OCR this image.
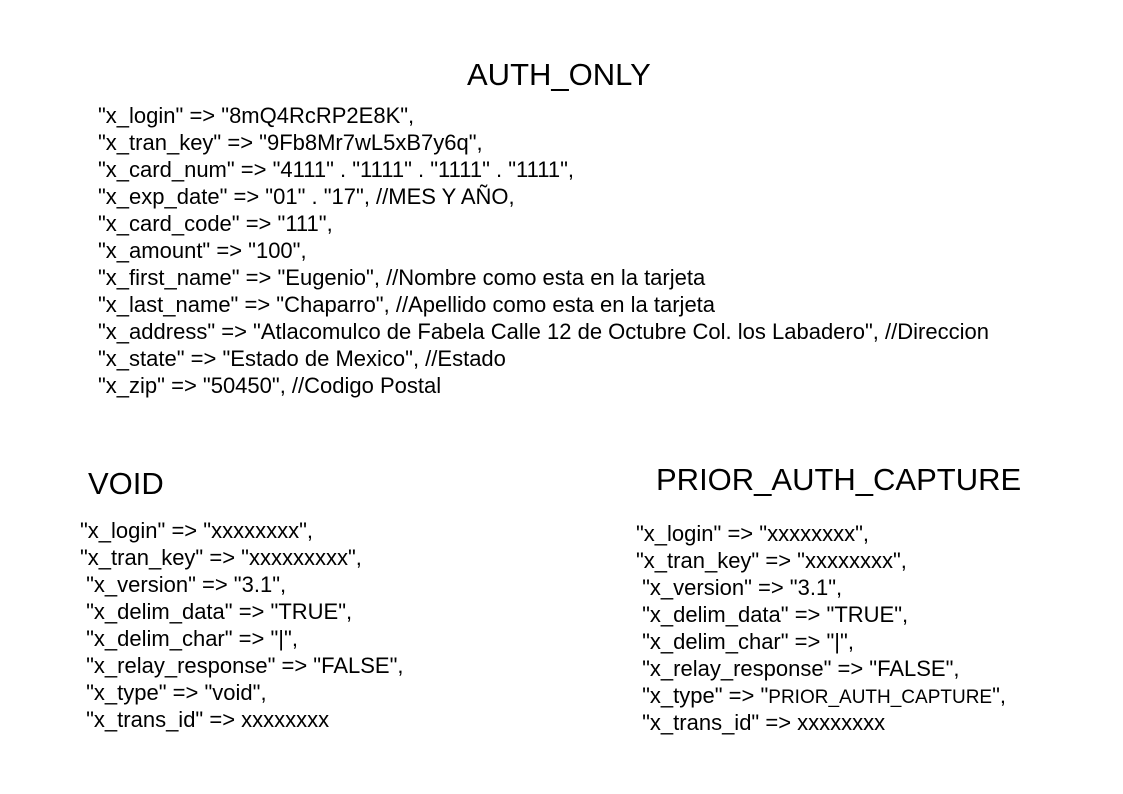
AUTH_ONLY
"x_login" => "8mQ4RcRP2E8K",
"x_tran_key" => "9Fb8Mr7wL5xB7y6q",
"x_card_num" => "4111" . "1111" . "1111" . "1111",
"x_exp_date" => "01" . "17", //MES Y AÑO,
"x_card_code" => "111",
"x_amount" => "100",
"x_first_name" => "Eugenio", //Nombre como esta en la tarjeta
"x_last_name" => "Chaparro", //Apellido como esta en la tarjeta
"x_address" => "Atlacomulco de Fabela Calle 12 de Octubre Col. los Labadero", //Direccion
"x_state" => "Estado de Mexico", //Estado
"x_zip" => "50450", //Codigo Postal
VOID
"x_login" => "xxxxxxxx",
"x_tran_key" => "xxxxxxxxx",
"x_version" => "3.1",
"x_delim_data" => "TRUE",
"x_delim_char" => "|",
"x_relay_response" => "FALSE",
"x_type" => "void",
"x_trans_id" => xxxxxxxx
PRIOR_AUTH_CAPTURE
"x_login" => "xxxxxxxx",
"x_tran_key" => "xxxxxxxx",
"x_version" => "3.1",
"x_delim_data" => "TRUE",
"x_delim_char" => "|",
"x_relay_response" => "FALSE",
"x_type" => "PRIOR_AUTH_CAPTURE",
"x_trans_id" => xxxxxxxx
